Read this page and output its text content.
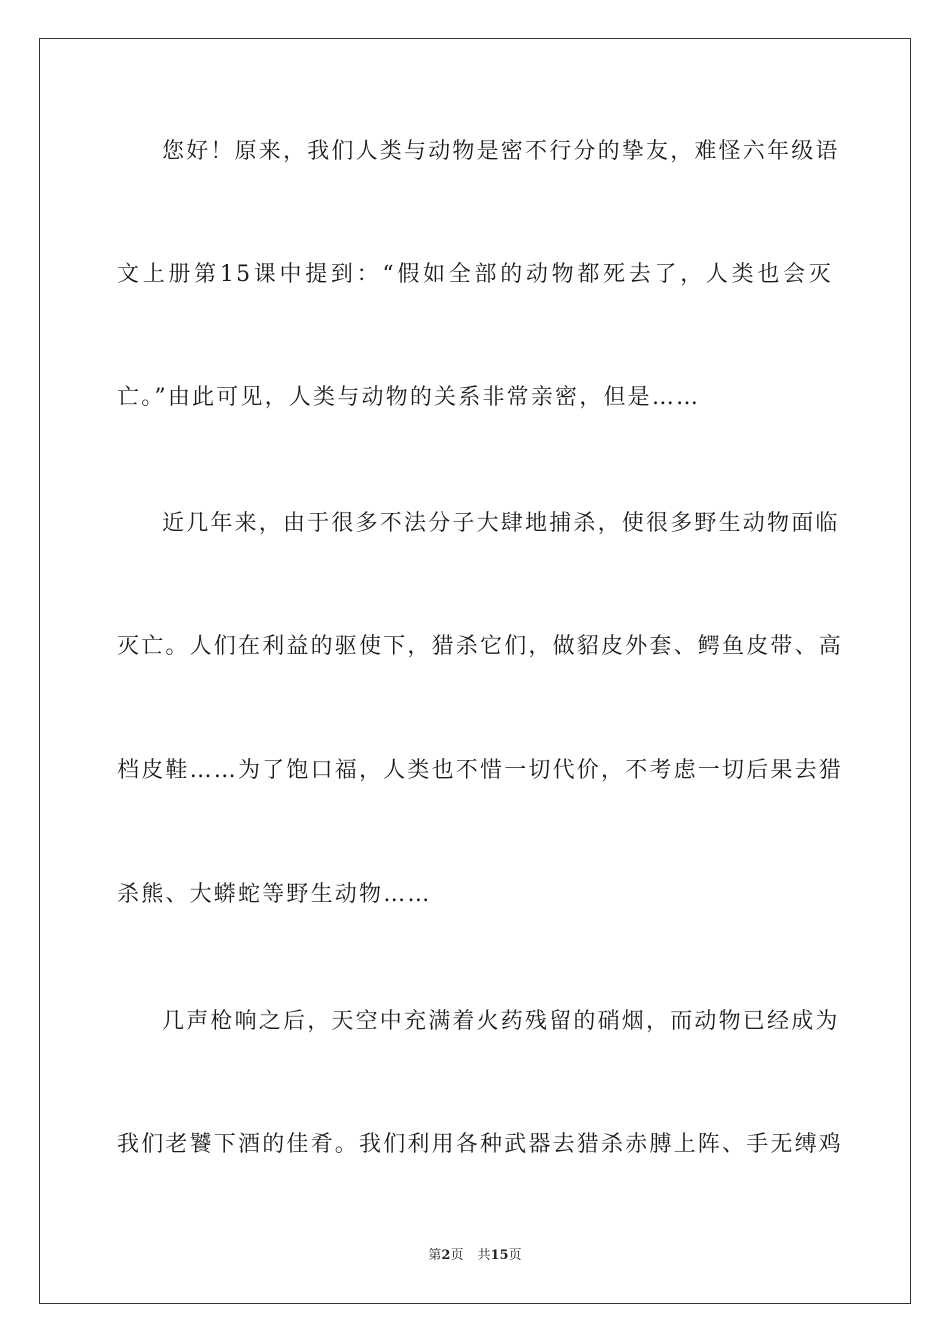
您好！原来，我们人类与动物是密不行分的挚友，难怪六年级语
文上册第15课中提到：“假如全部的动物都死去了，人类也会灭
亡。”由此可见，人类与动物的关系非常亲密，但是……
近几年来，由于很多不法分子大肆地捕杀，使很多野生动物面临
灭亡。人们在利益的驱使下，猎杀它们，做貂皮外套、鳄鱼皮带、高
档皮鞋……为了饱口福，人类也不惜一切代价，不考虑一切后果去猎
杀熊、大蟒蛇等野生动物……
几声枪响之后，天空中充满着火药残留的硝烟，而动物已经成为
我们老饕下酒的佳肴。我们利用各种武器去猎杀赤膊上阵、手无缚鸡
第2页 共15页
